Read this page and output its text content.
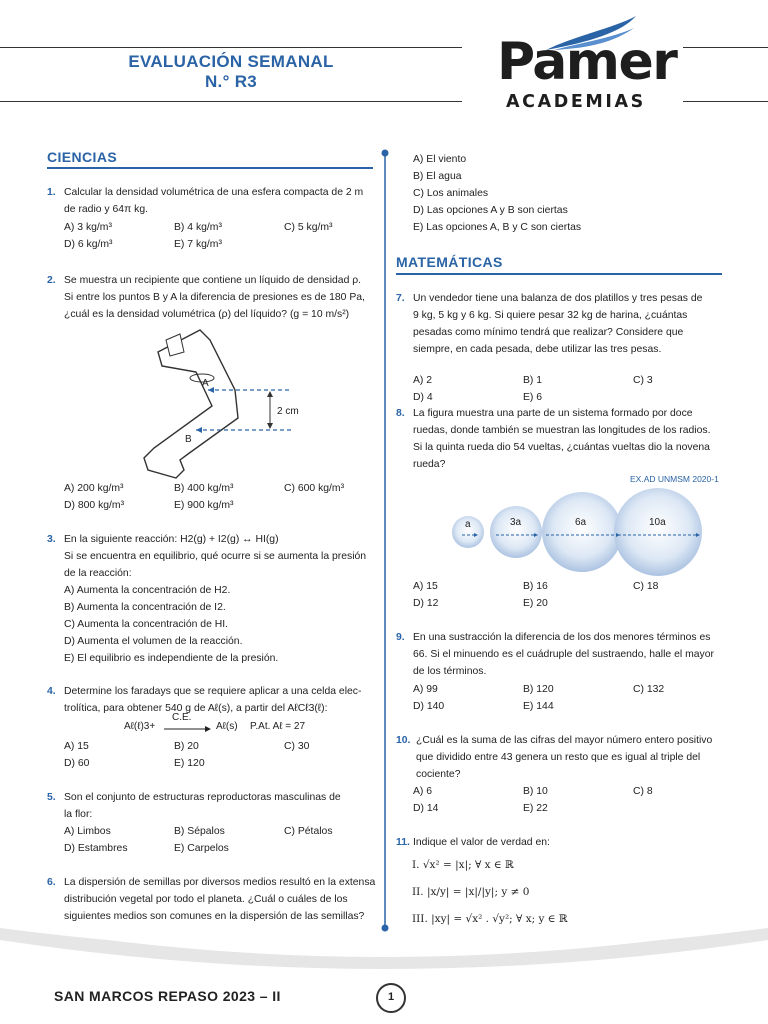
EVALUACIÓN SEMANAL
N.° R3	Pamer
ACADEMIAS
CIENCIAS
1. Calcular la densidad volumétrica de una esfera compacta de 2 m
de radio y 64π kg.
A) 3 kg/m³	B) 4 kg/m³	C) 5 kg/m³
D) 6 kg/m³	E) 7 kg/m³
2. Se muestra un recipiente que contiene un líquido de densidad ρ.
Si entre los puntos B y A la diferencia de presiones es de 180 Pa,
¿cuál es la densidad volumétrica (ρ) del líquido? (g = 10 m/s²)
A
B
2 cm
A) 200 kg/m³	B) 400 kg/m³	C) 600 kg/m³
D) 800 kg/m³	E) 900 kg/m³
3. En la siguiente reacción: H2(g) + I2(g) ↔ HI(g)
Si se encuentra en equilibrio, qué ocurre si se aumenta la presión
de la reacción:
A) Aumenta la concentración de H2.
B) Aumenta la concentración de I2.
C) Aumenta la concentración de HI.
D) Aumenta el volumen de la reacción.
E) El equilibrio es independiente de la presión.
4. Determine los faradays que se requiere aplicar a una celda elec-
trolítica, para obtener 540 g de Aℓ(s), a partir del AℓCℓ3(ℓ):
Aℓ(ℓ)3+
C.E.
Aℓ(s) P.At. Aℓ = 27
A) 15	B) 20	C) 30
D) 60	E) 120
5. Son el conjunto de estructuras reproductoras masculinas de
la flor:
A) Limbos	B) Sépalos	C) Pétalos
D) Estambres	E) Carpelos
6. La dispersión de semillas por diversos medios resultó en la extensa
distribución vegetal por todo el planeta. ¿Cuál o cuáles de los
siguientes medios son comunes en la dispersión de las semillas?
A) El viento
B) El agua
C) Los animales
D) Las opciones A y B son ciertas
E) Las opciones A, B y C son ciertas
MATEMÁTICAS
7. Un vendedor tiene una balanza de dos platillos y tres pesas de
9 kg, 5 kg y 6 kg. Si quiere pesar 32 kg de harina, ¿cuántas
pesadas como mínimo tendrá que realizar? Considere que
siempre, en cada pesada, debe utilizar las tres pesas.
A) 2	B) 1	C) 3
D) 4	E) 6
8. La figura muestra una parte de un sistema formado por doce
ruedas, donde también se muestran las longitudes de los radios.
Si la quinta rueda dio 54 vueltas, ¿cuántas vueltas dio la novena
rueda?
EX.AD UNMSM 2020-1
a	3a	6a	10a
A) 15	B) 16	C) 18
D) 12	E) 20
9. En una sustracción la diferencia de los dos menores términos es
66. Si el minuendo es el cuádruple del sustraendo, halle el mayor
de los términos.
A) 99	B) 120	C) 132
D) 140	E) 144
10. ¿Cuál es la suma de las cifras del mayor número entero positivo
que dividido entre 43 genera un resto que es igual al triple del
cociente?
A) 6	B) 10	C) 8
D) 14	E) 22
11. Indique el valor de verdad en:
I. √x² = |x|; ∀ x ∈ ℝ
II. |x/y| = |x|/|y|; y ≠ 0
III. |xy| = √x² . √y²; ∀ x; y ∈ ℝ
SAN MARCOS REPASO 2023 – II	1
